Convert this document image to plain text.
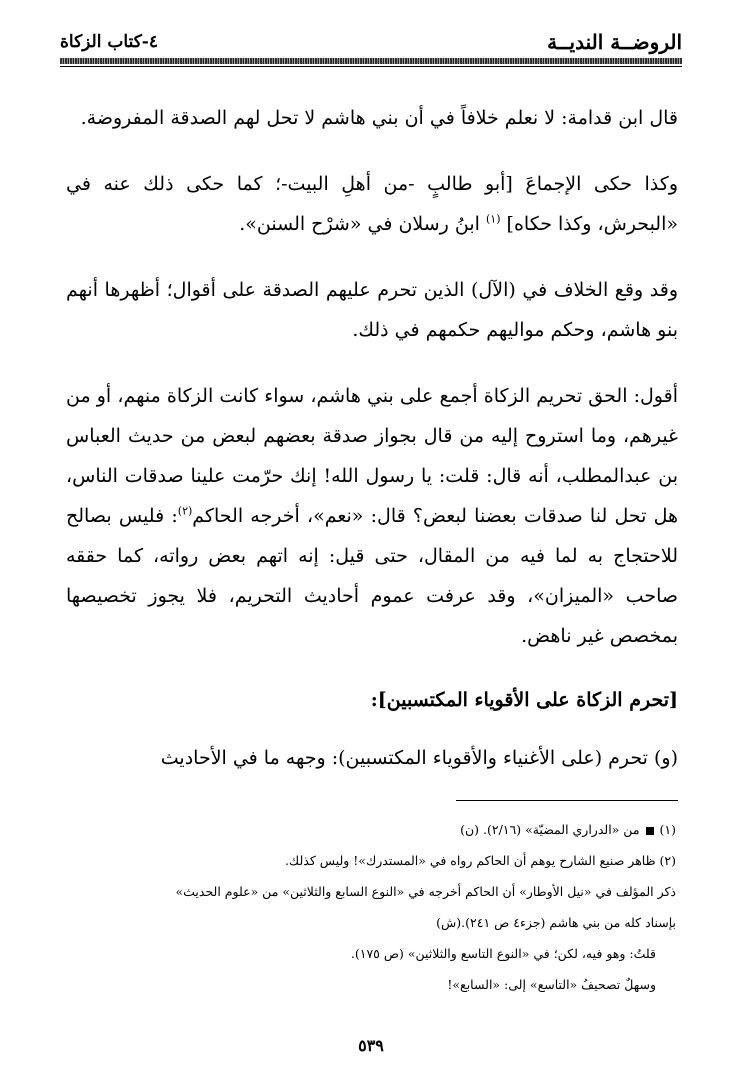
الروضــة النديــة
٤-كتاب الزكاة

قال ابن قدامة: لا نعلم خلافاً في أن بني هاشم لا تحل لهم الصدقة المفروضة.

وكذا حكى الإجماعَ [أبو طالبٍ -من أهلِ البيت-؛ كما حكى ذلك عنه في «البحرش، وكذا حكاه] $^{(١)}$ ابنُ رسلان في «شرْح السنن».

وقد وقع الخلاف في (الآل) الذين تحرم عليهم الصدقة على أقوال؛ أظهرها أنهم بنو هاشم، وحكم مواليهم حكمهم في ذلك.

أقول: الحق تحريم الزكاة أجمع على بني هاشم، سواء كانت الزكاة منهم، أو من غيرهم، وما استروح إليه من قال بجواز صدقة بعضهم لبعض من حديث العباس بن عبدالمطلب، أنه قال: قلت: يا رسول الله! إنك حرّمت علينا صدقات الناس، هل تحل لنا صدقات بعضنا لبعض؟ قال: «نعم»، أخرجه الحاكم$^{(٢)}$: فليس بصالح للاحتجاج به لما فيه من المقال، حتى قيل: إنه اتهم بعض رواته، كما حققه صاحب «الميزان»، وقد عرفت عموم أحاديث التحريم، فلا يجوز تخصيصها بمخصص غير ناهض.

[تحرم الزكاة على الأقوياء المكتسبين]:

(و) تحرم (على الأغنياء والأقوياء المكتسبين): وجهه ما في الأحاديث

(١)  من «الدراري المضيّة» (٢/١٦). (ن)

(٢) ظاهر صنيع الشارح يوهم أن الحاكم رواه في «المستدرك»! وليس كذلك.

ذكر المؤلف في «نيل الأوطار» أن الحاكم أخرجه في «النوع السابع والثلاثين» من «علوم الحديث»

بإسناد كله من بني هاشم (جزء٤ ص ٢٤١).(ش)

قلتُ: وهو فيه، لكن؛ في «النوع التاسع والثلاثين» (ص ١٧٥).

وسهلٌ تصحيفُ «التاسع» إلى: «السابع»!

٥٣٩
